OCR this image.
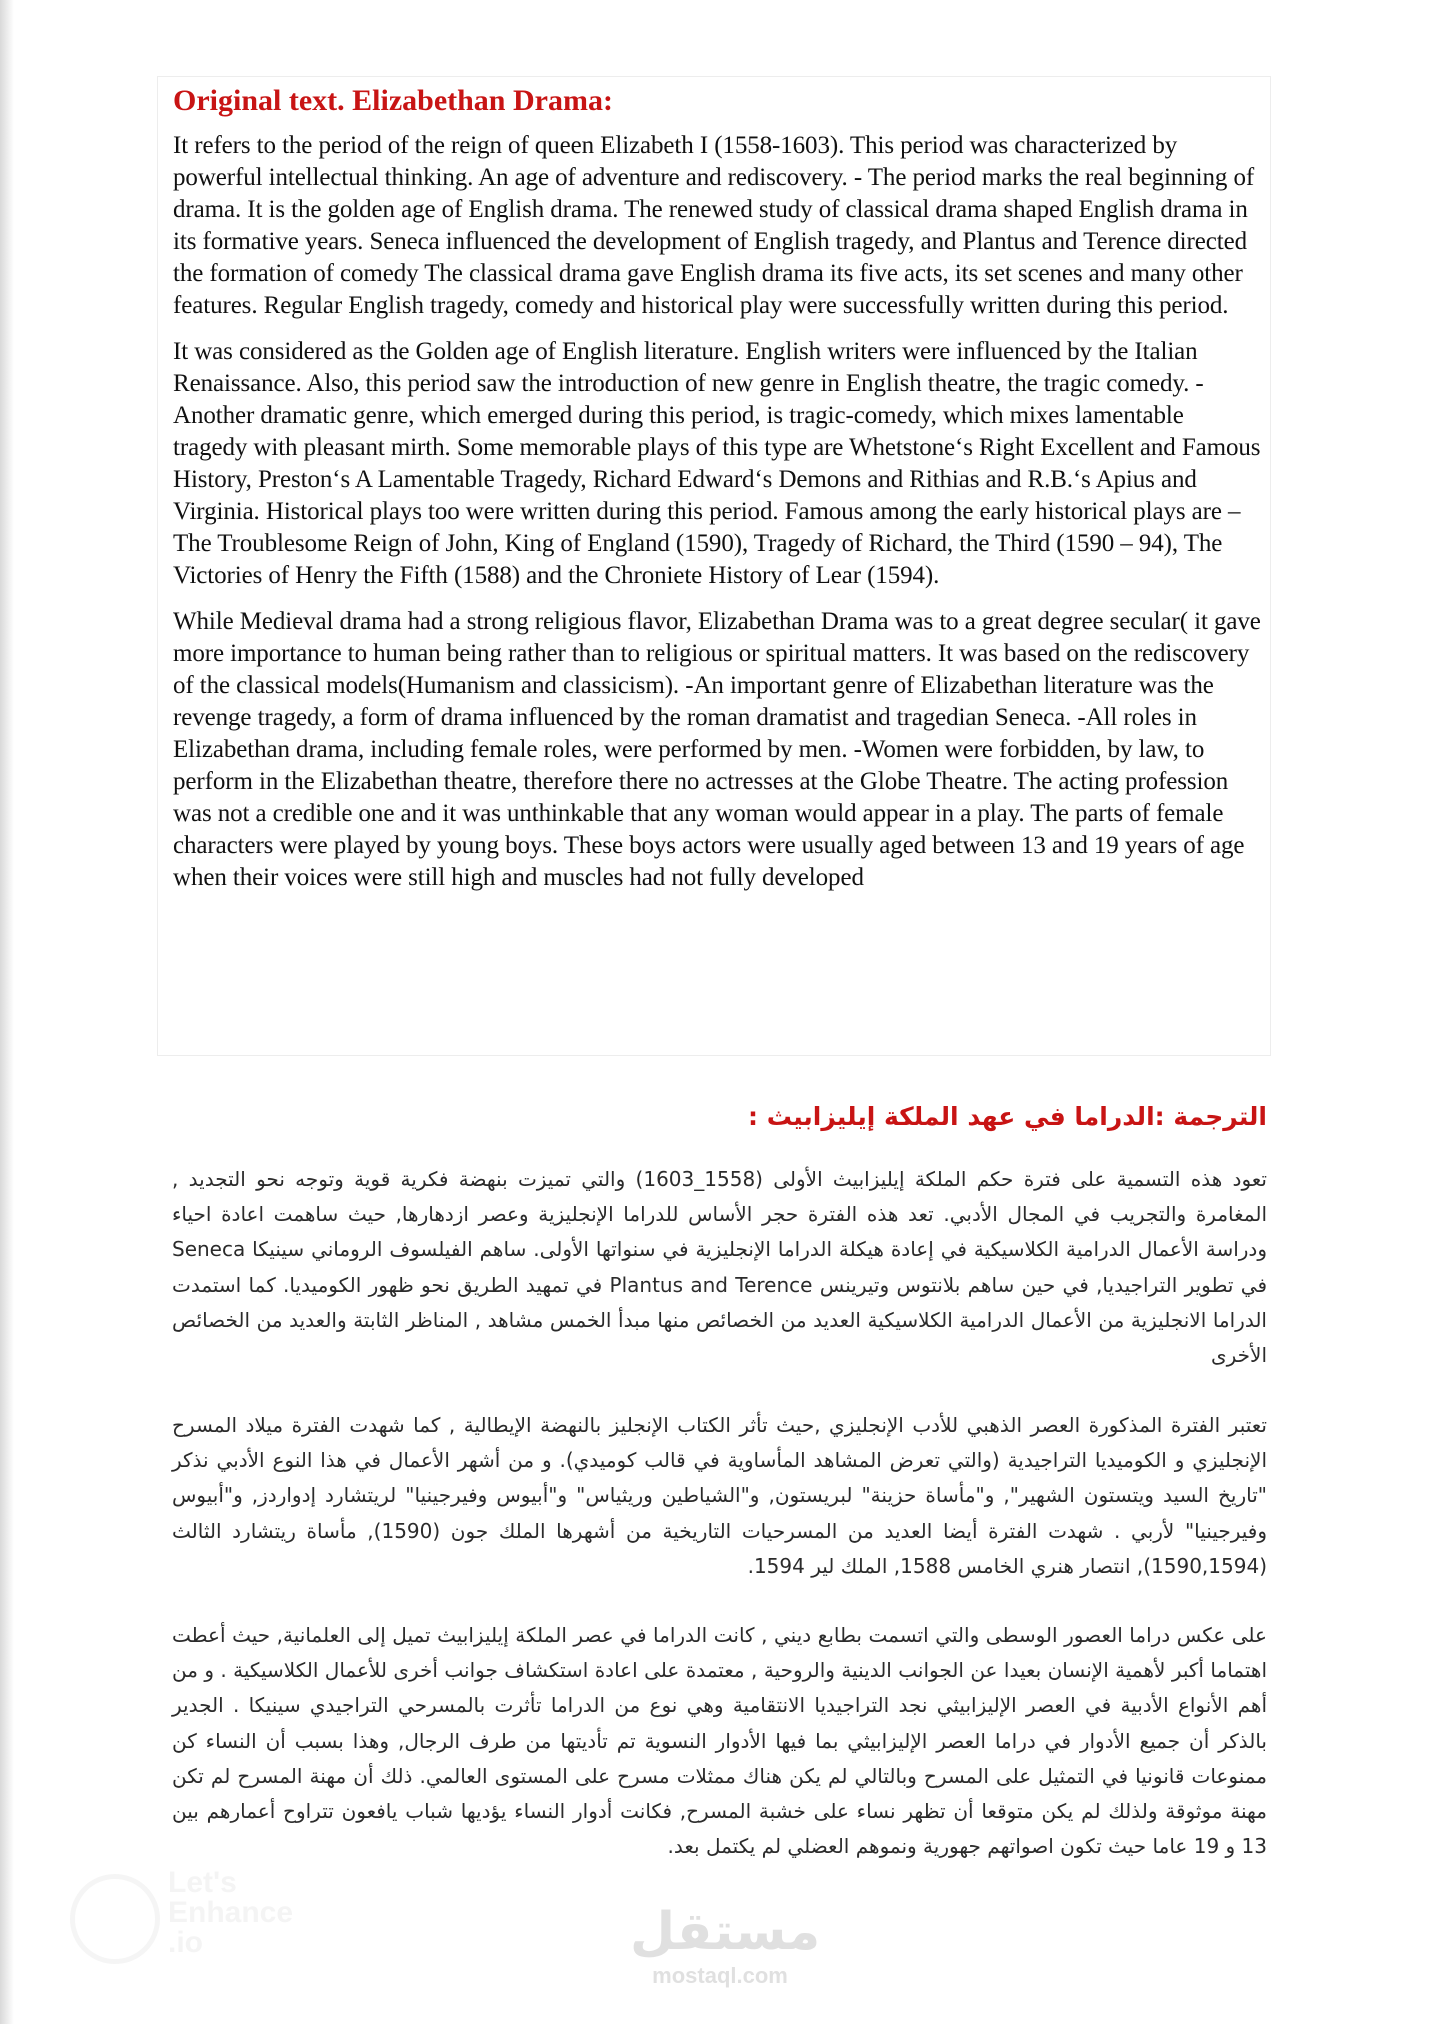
Original text. Elizabethan Drama:

It refers to the period of the reign of queen Elizabeth I (1558-1603). This period was characterized by powerful intellectual thinking. An age of adventure and rediscovery. - The period marks the real beginning of drama. It is the golden age of English drama. The renewed study of classical drama shaped English drama in its formative years. Seneca influenced the development of English tragedy, and Plantus and Terence directed the formation of comedy The classical drama gave English drama its five acts, its set scenes and many other features. Regular English tragedy, comedy and historical play were successfully written during this period.

It was considered as the Golden age of English literature. English writers were influenced by the Italian Renaissance. Also, this period saw the introduction of new genre in English theatre, the tragic comedy. -Another dramatic genre, which emerged during this period, is tragic-comedy, which mixes lamentable tragedy with pleasant mirth. Some memorable plays of this type are Whetstone‘s Right Excellent and Famous History, Preston‘s A Lamentable Tragedy, Richard Edward‘s Demons and Rithias and R.B.‘s Apius and Virginia. Historical plays too were written during this period. Famous among the early historical plays are – The Troublesome Reign of John, King of England (1590), Tragedy of Richard, the Third (1590 – 94), The Victories of Henry the Fifth (1588) and the Chroniete History of Lear (1594).

While Medieval drama had a strong religious flavor, Elizabethan Drama was to a great degree secular( it gave more importance to human being rather than to religious or spiritual matters. It was based on the rediscovery of the classical models(Humanism and classicism). -An important genre of Elizabethan literature was the revenge tragedy, a form of drama influenced by the roman dramatist and tragedian Seneca. -All roles in Elizabethan drama, including female roles, were performed by men. -Women were forbidden, by law, to perform in the Elizabethan theatre, therefore there no actresses at the Globe Theatre. The acting profession was not a credible one and it was unthinkable that any woman would appear in a play. The parts of female characters were played by young boys. These boys actors were usually aged between 13 and 19 years of age when their voices were still high and muscles had not fully developed

الترجمة :الدراما في عهد الملكة إيليزابيث :

تعود هذه التسمية على فترة حكم الملكة إيليزابيث الأولى (1558_1603) والتي تميزت بنهضة فكرية قوية وتوجه نحو التجديد , المغامرة والتجريب في المجال الأدبي. تعد هذه الفترة حجر الأساس للدراما الإنجليزية وعصر ازدهارها, حيث ساهمت اعادة احياء ودراسة الأعمال الدرامية الكلاسيكية في إعادة هيكلة الدراما الإنجليزية في سنواتها الأولى. ساهم الفيلسوف الروماني سينيكا Seneca في تطوير التراجيديا, في حين ساهم بلانتوس وتيرينس Plantus and Terence في تمهيد الطريق نحو ظهور الكوميديا. كما استمدت الدراما الانجليزية من الأعمال الدرامية الكلاسيكية العديد من الخصائص منها مبدأ الخمس مشاهد , المناظر الثابتة والعديد من الخصائص الأخرى

تعتبر الفترة المذكورة العصر الذهبي للأدب الإنجليزي ,حيث تأثر الكتاب الإنجليز بالنهضة الإيطالية , كما شهدت الفترة ميلاد المسرح الإنجليزي و الكوميديا التراجيدية (والتي تعرض المشاهد المأساوية في قالب كوميدي). و من أشهر الأعمال في هذا النوع الأدبي نذكر "تاريخ السيد ويتستون الشهير", و"مأساة حزينة" لبريستون, و"الشياطين وريثياس" و"أبيوس وفيرجينيا" لريتشارد إدواردز, و"أبيوس وفيرجينيا" لأربي . شهدت الفترة أيضا العديد من المسرحيات التاريخية من أشهرها الملك جون (1590), مأساة ريتشارد الثالث (1590,1594), انتصار هنري الخامس 1588, الملك لير 1594.

على عكس دراما العصور الوسطى والتي اتسمت بطابع ديني , كانت الدراما في عصر الملكة إيليزابيث تميل إلى العلمانية, حيث أعطت اهتماما أكبر لأهمية الإنسان بعيدا عن الجوانب الدينية والروحية , معتمدة على اعادة استكشاف جوانب أخرى للأعمال الكلاسيكية . و من أهم الأنواع الأدبية في العصر الإليزابيثي نجد التراجيديا الانتقامية وهي نوع من الدراما تأثرت بالمسرحي التراجيدي سينيكا . الجدير بالذكر أن جميع الأدوار في دراما العصر الإليزابيثي بما فيها الأدوار النسوية تم تأديتها من طرف الرجال, وهذا بسبب أن النساء كن ممنوعات قانونيا في التمثيل على المسرح وبالتالي لم يكن هناك ممثلات مسرح على المستوى العالمي. ذلك أن مهنة المسرح لم تكن مهنة موثوقة ولذلك لم يكن متوقعا أن تظهر نساء على خشبة المسرح, فكانت أدوار النساء يؤديها شباب يافعون تتراوح أعمارهم بين 13 و 19 عاما حيث تكون اصواتهم جهورية ونموهم العضلي لم يكتمل بعد.

Let's
Enhance
.io	مستقل
mostaql.com
